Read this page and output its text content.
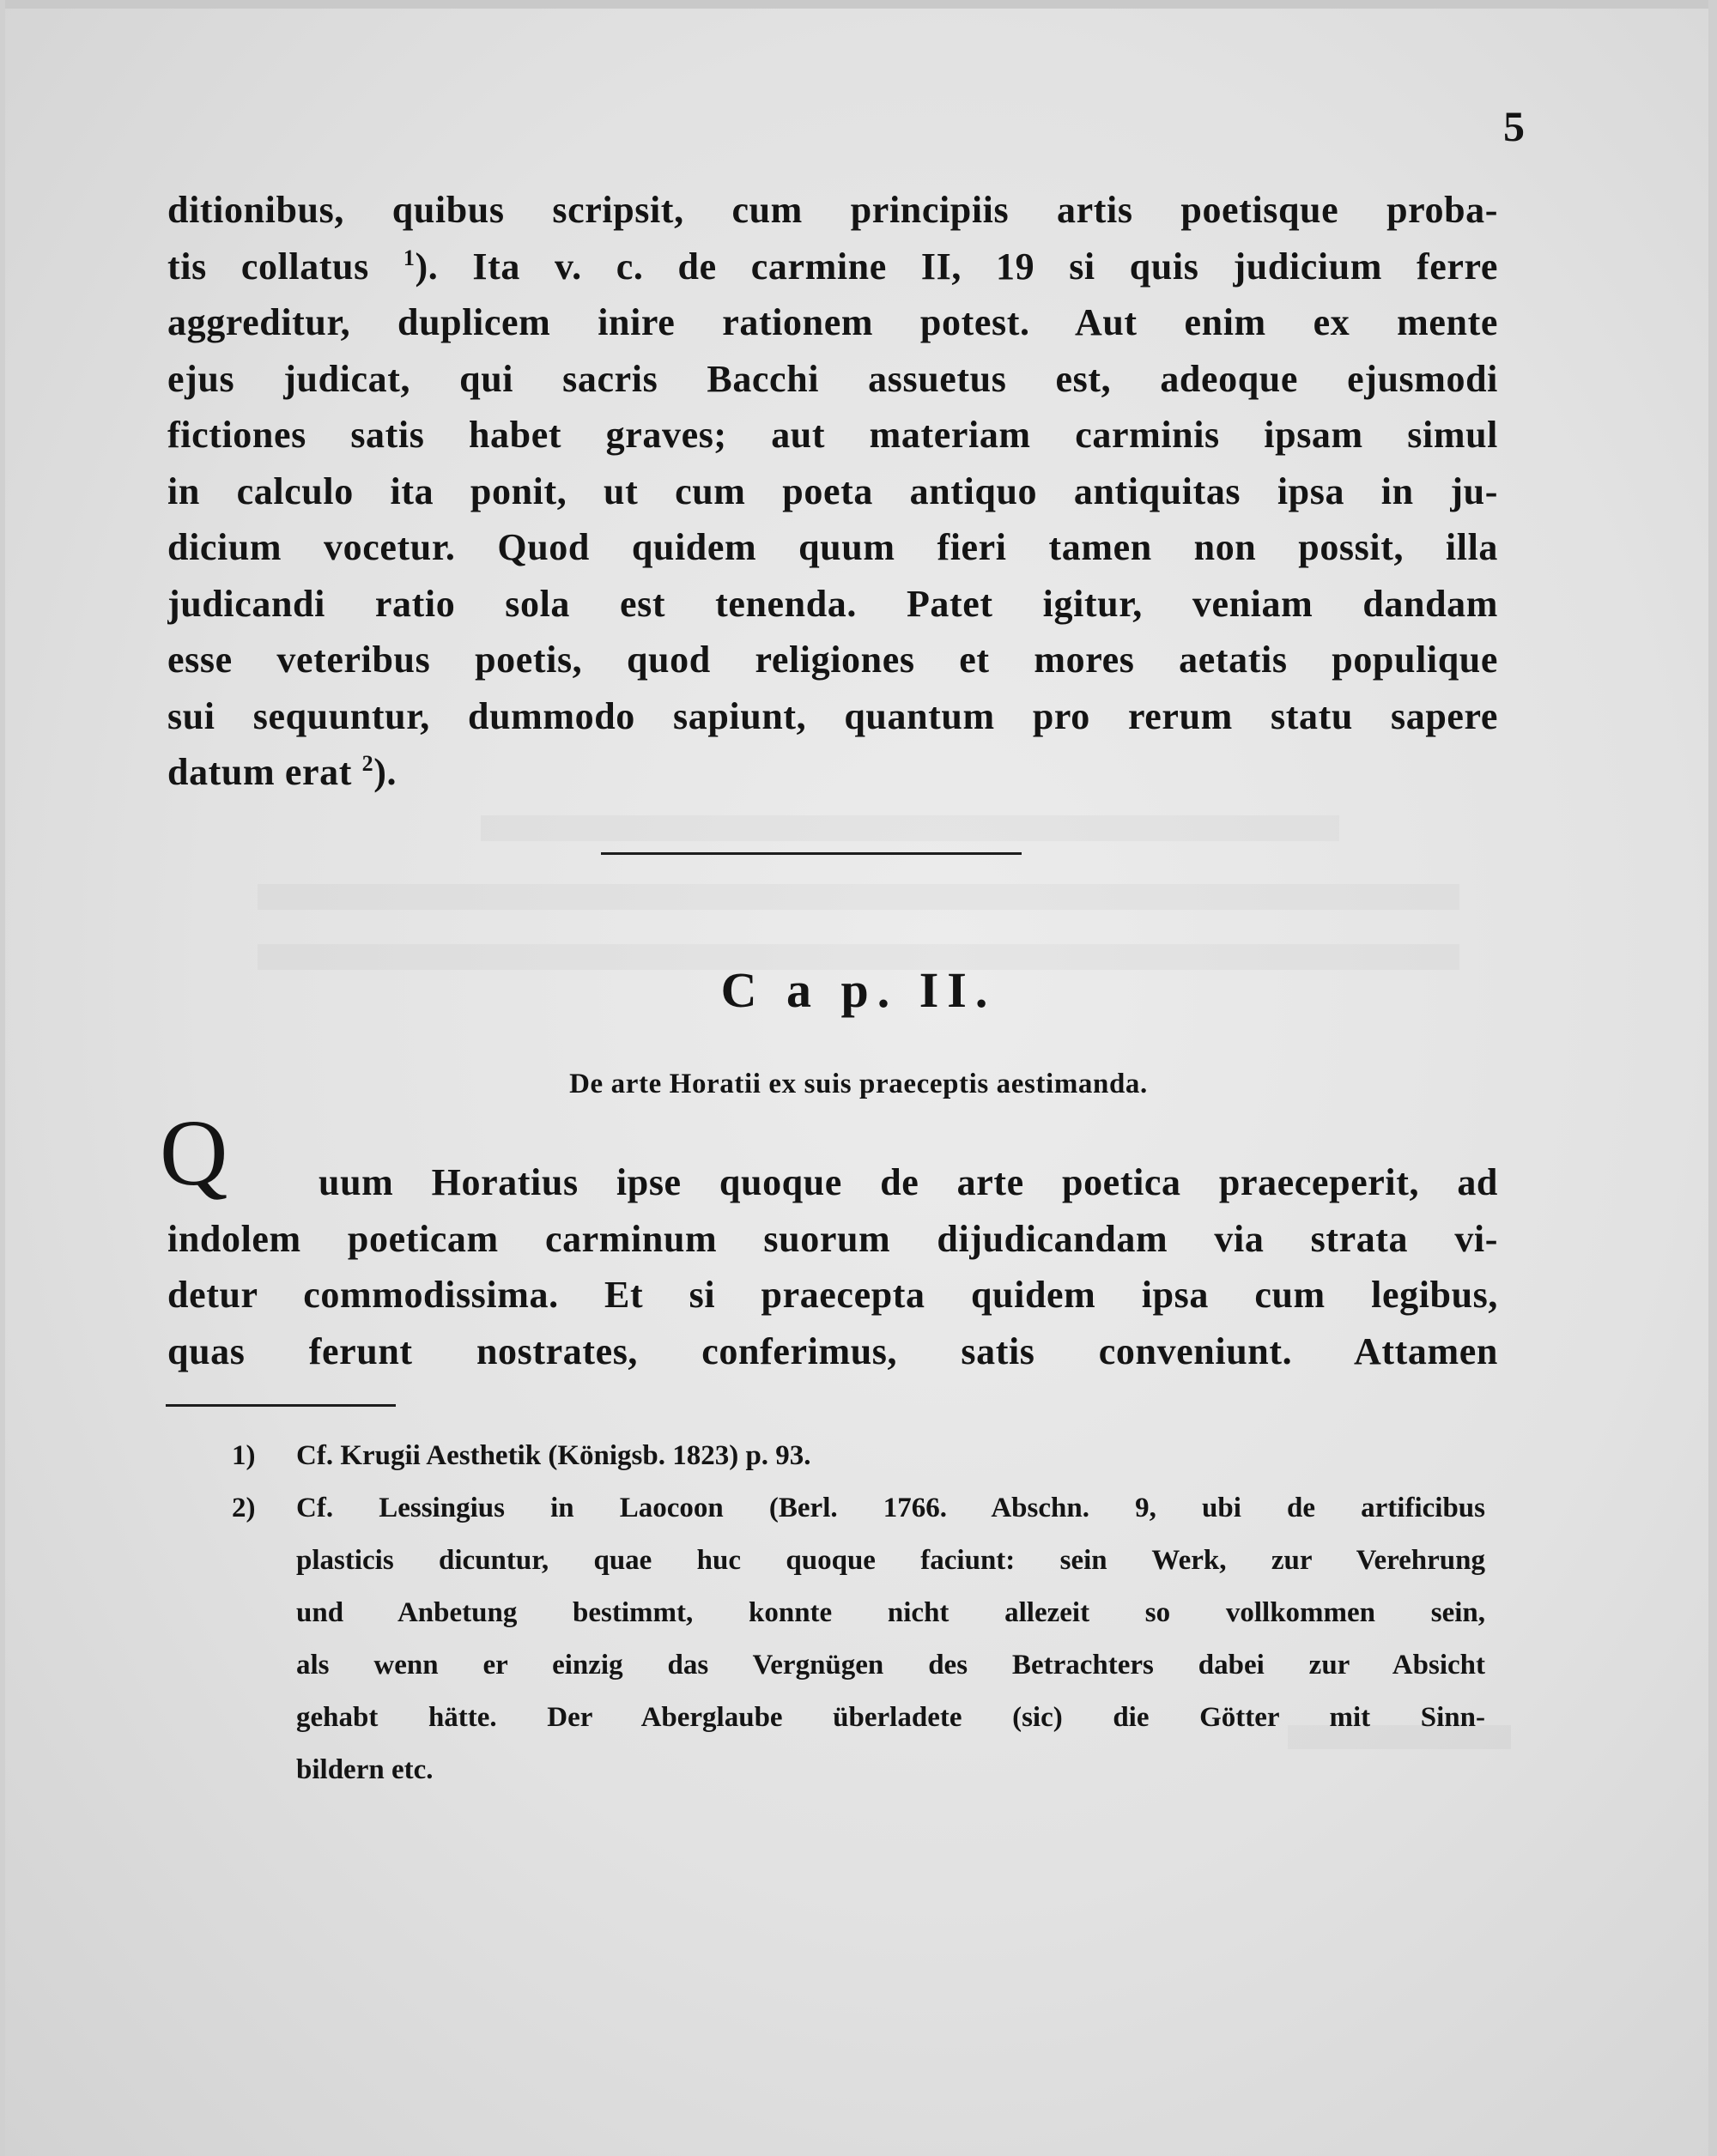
5
ditionibus, quibus scripsit, cum principiis artis poetisque proba-
tis collatus $^1$). Ita v. c. de carmine II, 19 si quis judicium ferre
aggreditur, duplicem inire rationem potest. Aut enim ex mente
ejus judicat, qui sacris Bacchi assuetus est, adeoque ejusmodi
fictiones satis habet graves; aut materiam carminis ipsam simul
in calculo ita ponit, ut cum poeta antiquo antiquitas ipsa in ju-
dicium vocetur. Quod quidem quum fieri tamen non possit, illa
judicandi ratio sola est tenenda. Patet igitur, veniam dandam
esse veteribus poetis, quod religiones et mores aetatis populique
sui sequuntur, dummodo sapiunt, quantum pro rerum statu sapere
datum erat $^2$).
C a p. II.
De arte Horatii ex suis praeceptis aestimanda.
Q	uum Horatius ipse quoque de arte poetica praeceperit, ad
indolem poeticam carminum suorum dijudicandam via strata vi-
detur commodissima. Et si praecepta quidem ipsa cum legibus,
quas ferunt nostrates, conferimus, satis conveniunt. Attamen
1) Cf. Krugii Aesthetik (Königsb. 1823) p. 93.
2) Cf. Lessingius in Laocoon (Berl. 1766. Abschn. 9, ubi de artificibus
plasticis dicuntur, quae huc quoque faciunt: sein Werk, zur Verehrung
und Anbetung bestimmt, konnte nicht allezeit so vollkommen sein,
als wenn er einzig das Vergnügen des Betrachters dabei zur Absicht
gehabt hätte. Der Aberglaube überladete (sic) die Götter mit Sinn-
bildern etc.
